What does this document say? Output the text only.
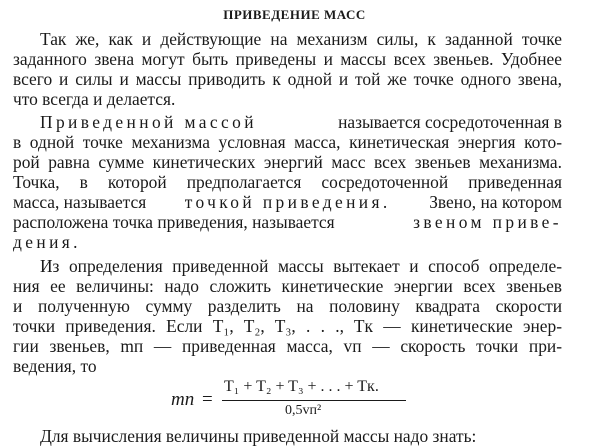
ПРИВЕДЕНИЕ МАСС
Так же, как и действующие на механизм силы, к заданной точке
заданного звена могут быть приведены и массы всех звеньев. Удобнее
всего и силы и массы приводить к одной и той же точке одного звена,
что всегда и делается.
Приведенной массой	называется сосредоточенная в
в одной точке механизма условная масса, кинетическая энергия кото-
рой равна сумме кинетических энергий масс всех звеньев механизма.
Точка, в которой предполагается сосредоточенной приведенная
масса, называется точкой приведения. Звено, на котором
расположена точка приведения, называется	звеном приве-
дения.
Из определения приведенной массы вытекает и способ определе-
ния ее величины: надо сложить кинетические энергии всех звеньев
и полученную сумму разделить на половину квадрата скорости
точки приведения. Если T₁, T₂, T₃, . . ., Tк — кинетические энер-
гии звеньев, mп — приведенная масса, vп — скорость точки при-
ведения, то
mп =
T₁ + T₂ + T₃ + . . . + Tк.
0,5vп²
Для вычисления величины приведенной массы надо знать:
